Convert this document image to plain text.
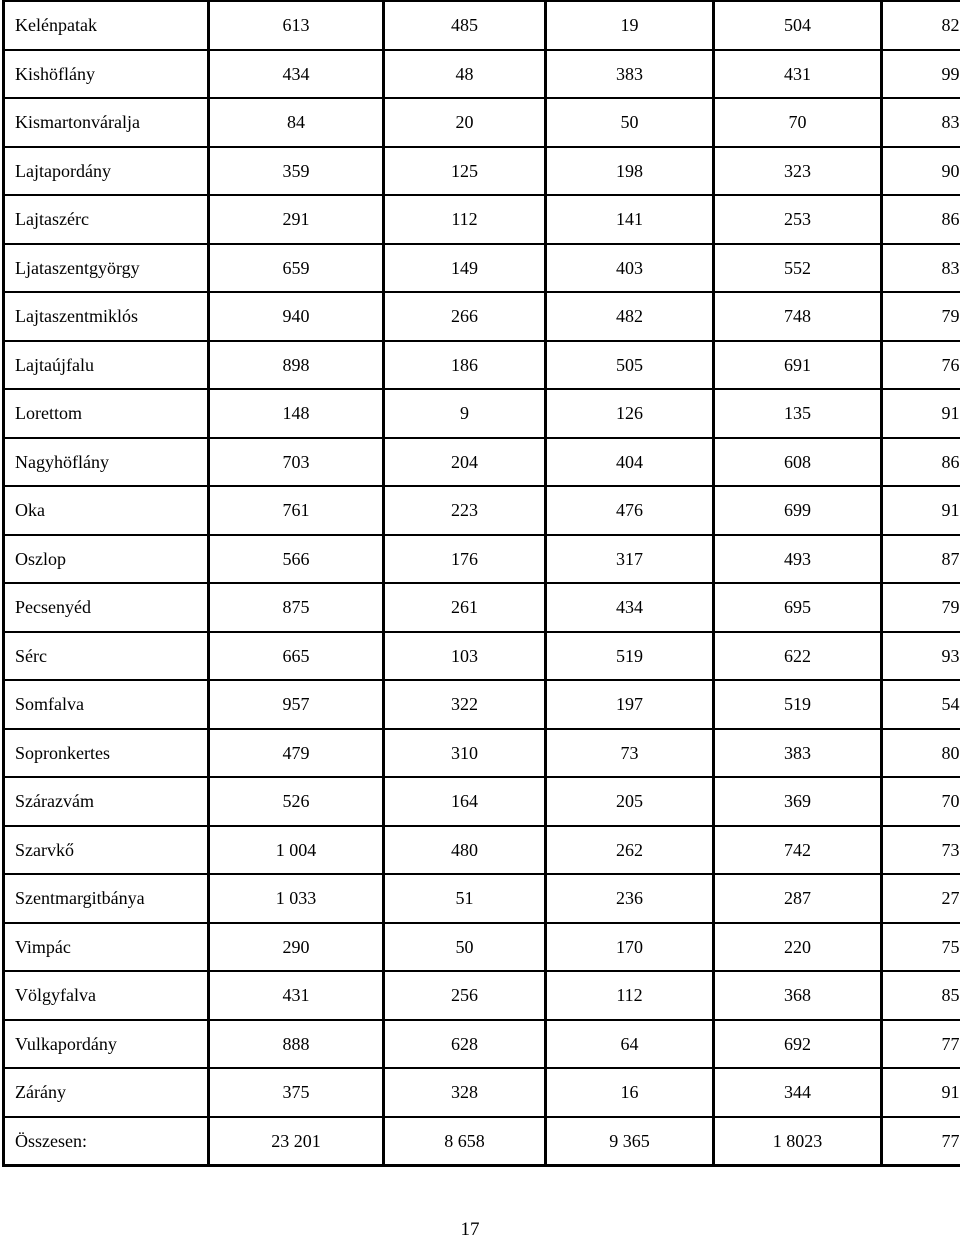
Kelénpatak	613	485	19	504	82
Kishöflány	434	48	383	431	99
Kismartonváralja	84	20	50	70	83
Lajtapordány	359	125	198	323	90
Lajtaszérc	291	112	141	253	86
Ljataszentgyörgy	659	149	403	552	83
Lajtaszentmiklós	940	266	482	748	79
Lajtaújfalu	898	186	505	691	76
Lorettom	148	9	126	135	91
Nagyhöflány	703	204	404	608	86
Oka	761	223	476	699	91
Oszlop	566	176	317	493	87
Pecsenyéd	875	261	434	695	79
Sérc	665	103	519	622	93
Somfalva	957	322	197	519	54
Sopronkertes	479	310	73	383	80
Szárazvám	526	164	205	369	70
Szarvkő	1 004	480	262	742	73
Szentmargitbánya	1 033	51	236	287	27
Vimpác	290	50	170	220	75
Völgyfalva	431	256	112	368	85
Vulkapordány	888	628	64	692	77
Zárány	375	328	16	344	91
Összesen:	23 201	8 658	9 365	1 8023	77
17
